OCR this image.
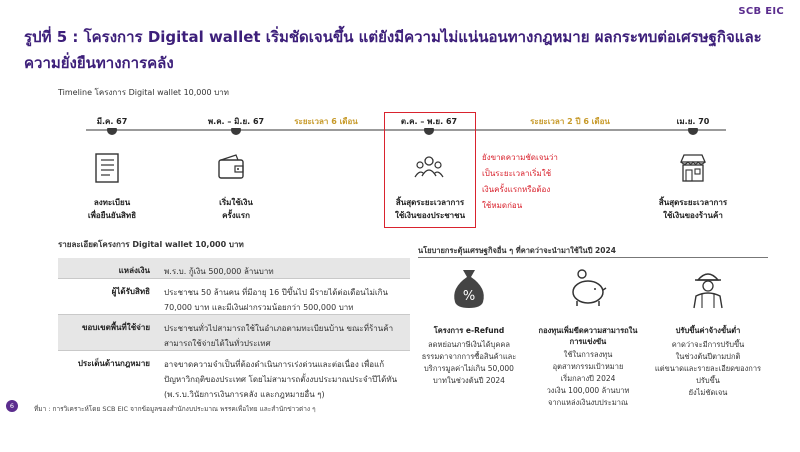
SCB EIC
รูปที่ 5 : โครงการ Digital wallet เริ่มชัดเจนขึ้น แต่ยังมีความไม่แน่นอนทางกฎหมาย ผลกระทบต่อเศรษฐกิจและความยั่งยืนทางการคลัง
Timeline โครงการ Digital wallet 10,000 บาท
มี.ค. 67	พ.ค. – มิ.ย. 67	ต.ค. – พ.ย. 67	เม.ย. 70
ระยะเวลา 6 เดือน	ระยะเวลา 2 ปี 6 เดือน
ลงทะเบียน
เพื่อยืนยันสิทธิ
เริ่มใช้เงิน
ครั้งแรก
สิ้นสุดระยะเวลาการ
ใช้เงินของประชาชน
สิ้นสุดระยะเวลาการ
ใช้เงินของร้านค้า
ยังขาดความชัดเจนว่า
เป็นระยะเวลาเริ่มใช้
เงินครั้งแรกหรือต้อง
ใช้หมดก่อน
รายละเอียดโครงการ Digital wallet 10,000 บาท
แหล่งเงิน	พ.ร.บ. กู้เงิน 500,000 ล้านบาท
ผู้ได้รับสิทธิ	ประชาชน 50 ล้านคน ที่มีอายุ 16 ปีขึ้นไป มีรายได้ต่อเดือนไม่เกิน 70,000 บาท และมีเงินฝากรวมน้อยกว่า 500,000 บาท
ขอบเขตพื้นที่ใช้จ่าย	ประชาชนทั่วไปสามารถใช้ในอำเภอตามทะเบียนบ้าน ขณะที่ร้านค้าสามารถใช้จ่ายได้ในทั่วประเทศ
ประเด็นด้านกฎหมาย	อาจขาดความจำเป็นที่ต้องดำเนินการเร่งด่วนและต่อเนื่อง เพื่อแก้ปัญหาวิกฤติของประเทศ โดยไม่สามารถตั้งงบประมาณประจำปีได้ทัน (พ.ร.บ.วินัยการเงินการคลัง และกฎหมายอื่น ๆ)
นโยบายกระตุ้นเศรษฐกิจอื่น ๆ ที่คาดว่าจะนำมาใช้ในปี 2024
%
โครงการ e-Refund
ลดหย่อนภาษีเงินได้บุคคล
ธรรมดาจากการซื้อสินค้าและ
บริการมูลค่าไม่เกิน 50,000
บาทในช่วงต้นปี 2024
กองทุนเพิ่มขีดความสามารถในการแข่งขัน
ใช้ในการลงทุน
อุตสาหกรรมเป้าหมาย
เริ่มกลางปี 2024
วงเงิน 100,000 ล้านบาท
จากแหล่งเงินงบประมาณ
ปรับขึ้นค่าจ้างขั้นต่ำ
คาดว่าจะมีการปรับขึ้น
ในช่วงต้นปีตามปกติ
แต่ขนาดและรายละเอียดของการปรับขึ้น
ยังไม่ชัดเจน
6	ที่มา : การวิเคราะห์โดย SCB EIC จากข้อมูลของสำนักงบประมาณ พรรคเพื่อไทย และสำนักข่าวต่าง ๆ
